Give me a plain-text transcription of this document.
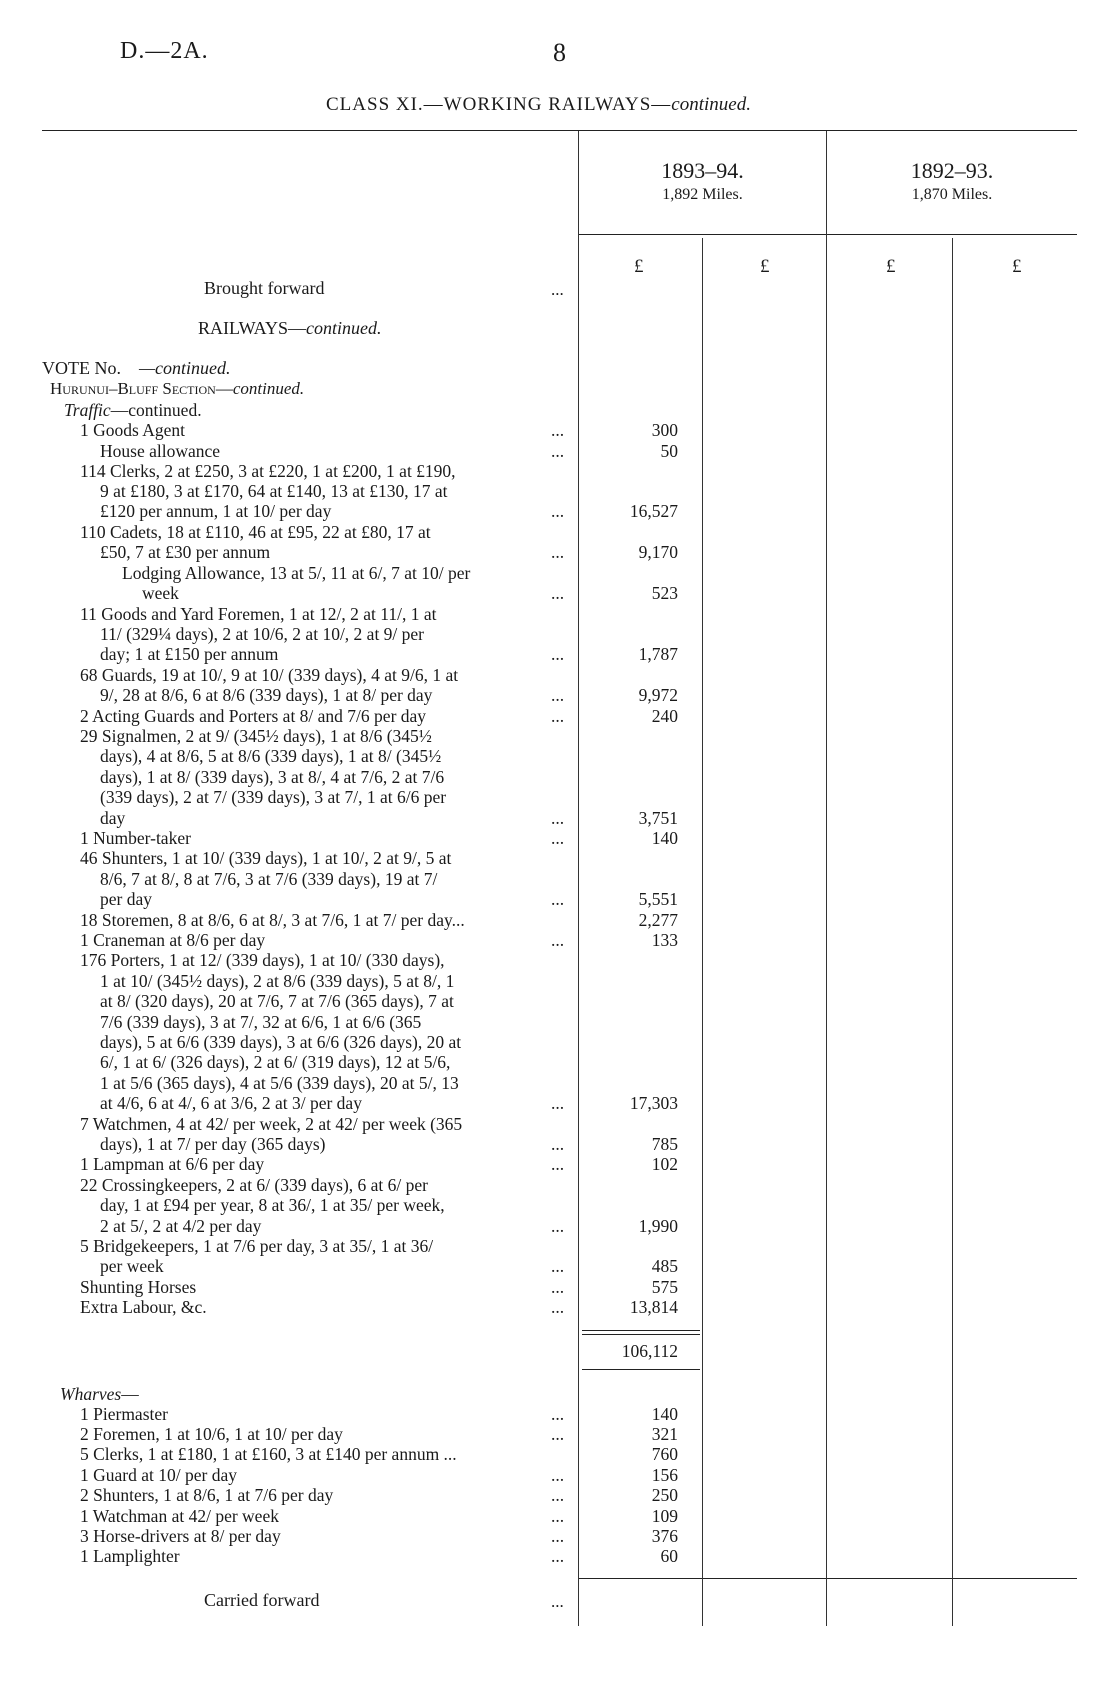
D.—2A.	8
CLASS XI.—WORKING RAILWAYS—continued.
1893–94.
1,892 Miles.
1892–93.
1,870 Miles.
£	£	£	£
Brought forward	...
RAILWAYS—continued.
VOTE No. —continued.
Hurunui–Bluff Section—continued.
Traffic—continued.
1 Goods Agent	...	300
House allowance	...	50
114 Clerks, 2 at £250, 3 at £220, 1 at £200, 1 at £190,
9 at £180, 3 at £170, 64 at £140, 13 at £130, 17 at
£120 per annum, 1 at 10/ per day	...	16,527
110 Cadets, 18 at £110, 46 at £95, 22 at £80, 17 at
£50, 7 at £30 per annum	...	9,170
Lodging Allowance, 13 at 5/, 11 at 6/, 7 at 10/ per
week	...	523
11 Goods and Yard Foremen, 1 at 12/, 2 at 11/, 1 at
11/ (329¼ days), 2 at 10/6, 2 at 10/, 2 at 9/ per
day; 1 at £150 per annum	...	1,787
68 Guards, 19 at 10/, 9 at 10/ (339 days), 4 at 9/6, 1 at
9/, 28 at 8/6, 6 at 8/6 (339 days), 1 at 8/ per day	...	9,972
2 Acting Guards and Porters at 8/ and 7/6 per day	...	240
29 Signalmen, 2 at 9/ (345½ days), 1 at 8/6 (345½
days), 4 at 8/6, 5 at 8/6 (339 days), 1 at 8/ (345½
days), 1 at 8/ (339 days), 3 at 8/, 4 at 7/6, 2 at 7/6
(339 days), 2 at 7/ (339 days), 3 at 7/, 1 at 6/6 per
day	...	3,751
1 Number-taker	...	140
46 Shunters, 1 at 10/ (339 days), 1 at 10/, 2 at 9/, 5 at
8/6, 7 at 8/, 8 at 7/6, 3 at 7/6 (339 days), 19 at 7/
per day	...	5,551
18 Storemen, 8 at 8/6, 6 at 8/, 3 at 7/6, 1 at 7/ per day...	2,277
1 Craneman at 8/6 per day	...	133
176 Porters, 1 at 12/ (339 days), 1 at 10/ (330 days),
1 at 10/ (345½ days), 2 at 8/6 (339 days), 5 at 8/, 1
at 8/ (320 days), 20 at 7/6, 7 at 7/6 (365 days), 7 at
7/6 (339 days), 3 at 7/, 32 at 6/6, 1 at 6/6 (365
days), 5 at 6/6 (339 days), 3 at 6/6 (326 days), 20 at
6/, 1 at 6/ (326 days), 2 at 6/ (319 days), 12 at 5/6,
1 at 5/6 (365 days), 4 at 5/6 (339 days), 20 at 5/, 13
at 4/6, 6 at 4/, 6 at 3/6, 2 at 3/ per day	...	17,303
7 Watchmen, 4 at 42/ per week, 2 at 42/ per week (365
days), 1 at 7/ per day (365 days)	...	785
1 Lampman at 6/6 per day	...	102
22 Crossingkeepers, 2 at 6/ (339 days), 6 at 6/ per
day, 1 at £94 per year, 8 at 36/, 1 at 35/ per week,
2 at 5/, 2 at 4/2 per day	...	1,990
5 Bridgekeepers, 1 at 7/6 per day, 3 at 35/, 1 at 36/
per week	...	485
Shunting Horses	...	575
Extra Labour, &c.	...	13,814
106,112
Wharves—
1 Piermaster	...	140
2 Foremen, 1 at 10/6, 1 at 10/ per day	...	321
5 Clerks, 1 at £180, 1 at £160, 3 at £140 per annum ...	760
1 Guard at 10/ per day	...	156
2 Shunters, 1 at 8/6, 1 at 7/6 per day	...	250
1 Watchman at 42/ per week	...	109
3 Horse-drivers at 8/ per day	...	376
1 Lamplighter	...	60
Carried forward	...
